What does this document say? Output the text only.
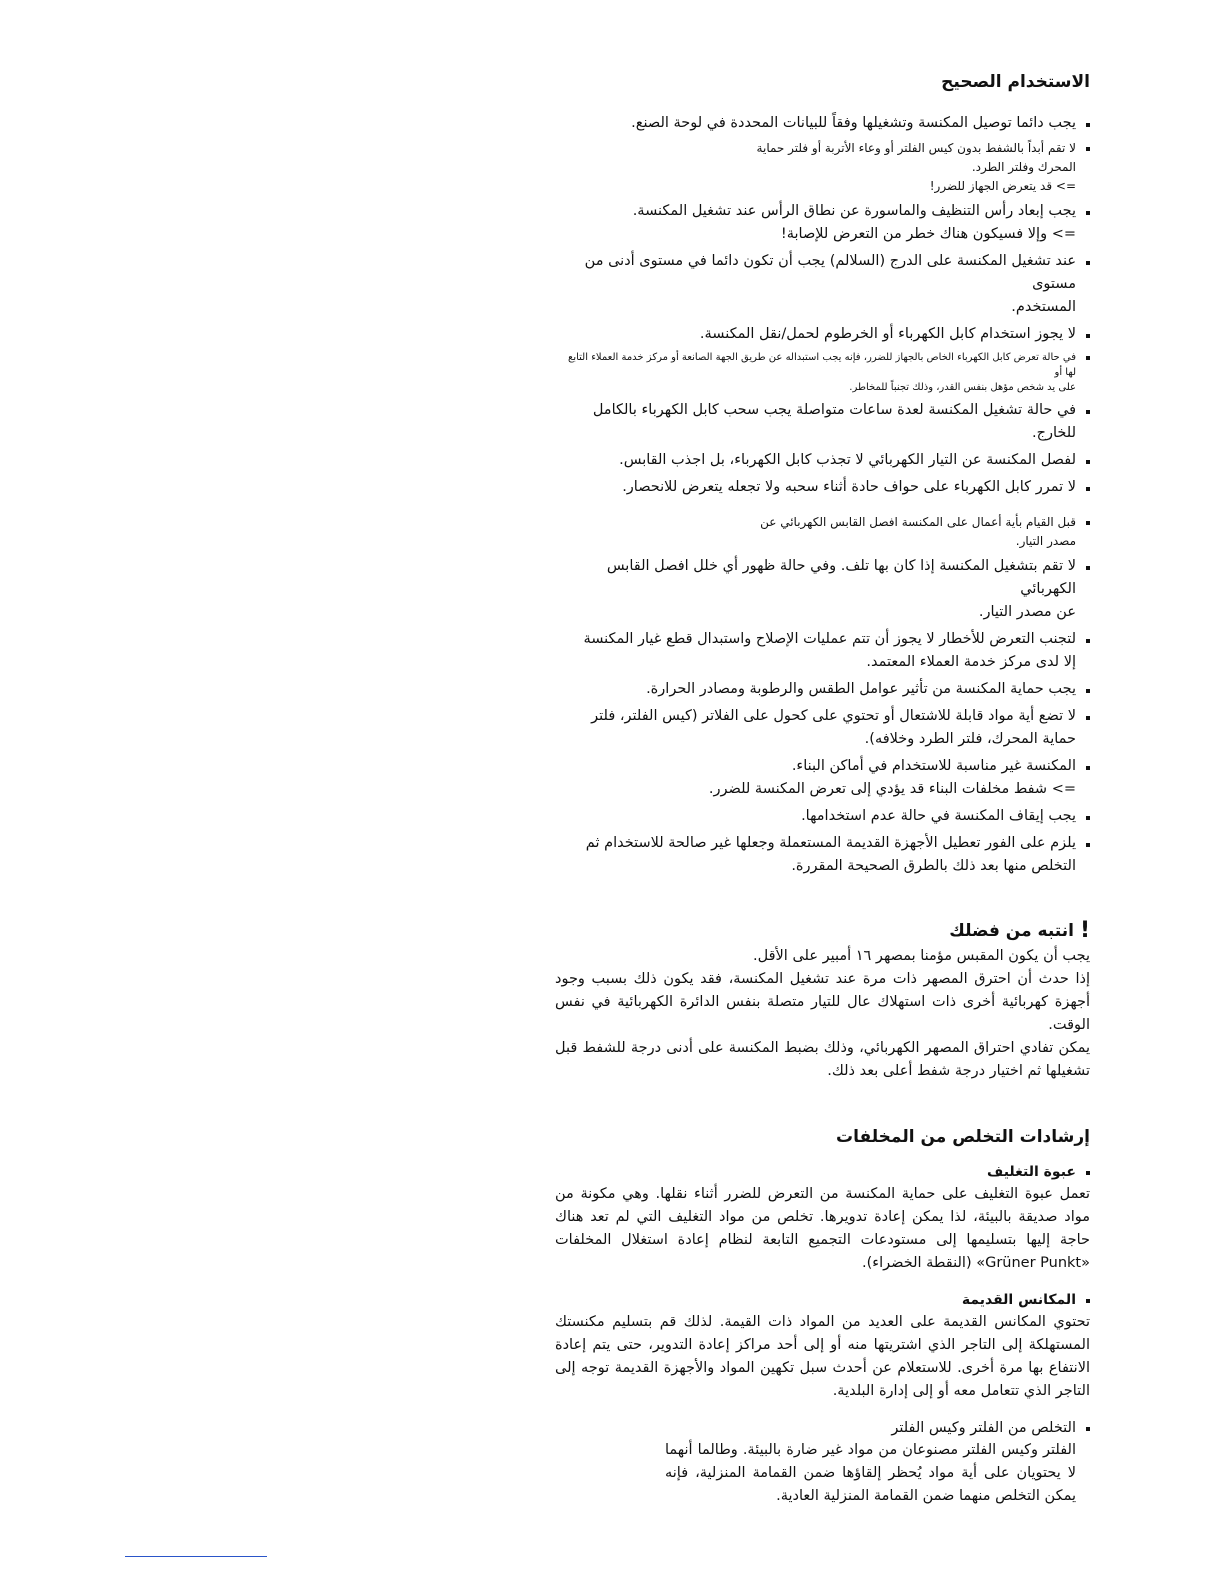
الاستخدام الصحيح
يجب دائما توصيل المكنسة وتشغيلها وفقاً للبيانات المحددة في لوحة الصنع.
لا تقم أبداً بالشفط بدون كيس الفلتر أو وعاء الأتربة أو فلتر حماية
المحرك وفلتر الطرد.
=> قد يتعرض الجهاز للضرر!
يجب إبعاد رأس التنظيف والماسورة عن نطاق الرأس عند تشغيل المكنسة.
=> وإلا فسيكون هناك خطر من التعرض للإصابة!
عند تشغيل المكنسة على الدرج (السلالم) يجب أن تكون دائما في مستوى أدنى من مستوى
المستخدم.
لا يجوز استخدام كابل الكهرباء أو الخرطوم لحمل/نقل المكنسة.
في حالة تعرض كابل الكهرباء الخاص بالجهاز للضرر، فإنه يجب استبداله عن طريق الجهة الصانعة أو مركز خدمة العملاء التابع لها أو
على يد شخص مؤهل بنفس القدر، وذلك تجنباً للمخاطر.
في حالة تشغيل المكنسة لعدة ساعات متواصلة يجب سحب كابل الكهرباء بالكامل للخارج.
لفصل المكنسة عن التيار الكهربائي لا تجذب كابل الكهرباء، بل اجذب القابس.
لا تمرر كابل الكهرباء على حواف حادة أثناء سحبه ولا تجعله يتعرض للانحصار.
قبل القيام بأية أعمال على المكنسة افصل القابس الكهربائي عن
مصدر التيار.
لا تقم بتشغيل المكنسة إذا كان بها تلف. وفي حالة ظهور أي خلل افصل القابس الكهربائي
عن مصدر التيار.
لتجنب التعرض للأخطار لا يجوز أن تتم عمليات الإصلاح واستبدال قطع غيار المكنسة
إلا لدى مركز خدمة العملاء المعتمد.
يجب حماية المكنسة من تأثير عوامل الطقس والرطوبة ومصادر الحرارة.
لا تضع أية مواد قابلة للاشتعال أو تحتوي على كحول على الفلاتر (كيس الفلتر، فلتر
حماية المحرك، فلتر الطرد وخلافه).
المكنسة غير مناسبة للاستخدام في أماكن البناء.
=> شفط مخلفات البناء قد يؤدي إلى تعرض المكنسة للضرر.
يجب إيقاف المكنسة في حالة عدم استخدامها.
يلزم على الفور تعطيل الأجهزة القديمة المستعملة وجعلها غير صالحة للاستخدام ثم
التخلص منها بعد ذلك بالطرق الصحيحة المقررة.
!
انتبه من فضلك

يجب أن يكون المقبس مؤمنا بمصهر ١٦ أمبير على الأقل.

إذا حدث أن احترق المصهر ذات مرة عند تشغيل المكنسة، فقد يكون ذلك بسبب وجود أجهزة كهربائية أخرى ذات استهلاك عال للتيار متصلة بنفس الدائرة الكهربائية في نفس الوقت.

يمكن تفادي احتراق المصهر الكهربائي، وذلك بضبط المكنسة على أدنى درجة للشفط قبل تشغيلها ثم اختيار درجة شفط أعلى بعد ذلك.

إرشادات التخلص من المخلفات
عبوة التغليف

تعمل عبوة التغليف على حماية المكنسة من التعرض للضرر أثناء نقلها. وهي مكونة من مواد صديقة بالبيئة، لذا يمكن إعادة تدويرها. تخلص من مواد التغليف التي لم تعد هناك حاجة إليها بتسليمها إلى مستودعات التجميع التابعة لنظام إعادة استغلال المخلفات «Grüner Punkt» (النقطة الخضراء).

المكانس القديمة

تحتوي المكانس القديمة على العديد من المواد ذات القيمة. لذلك قم بتسليم مكنستك المستهلكة إلى التاجر الذي اشتريتها منه أو إلى أحد مراكز إعادة التدوير، حتى يتم إعادة الانتفاع بها مرة أخرى. للاستعلام عن أحدث سبل تكهين المواد والأجهزة القديمة توجه إلى التاجر الذي تتعامل معه أو إلى إدارة البلدية.

التخلص من الفلتر وكيس الفلتر

الفلتر وكيس الفلتر مصنوعان من مواد غير ضارة بالبيئة. وطالما أنهما لا يحتويان على أية مواد يُحظر إلقاؤها ضمن القمامة المنزلية، فإنه يمكن التخلص منهما ضمن القمامة المنزلية العادية.
